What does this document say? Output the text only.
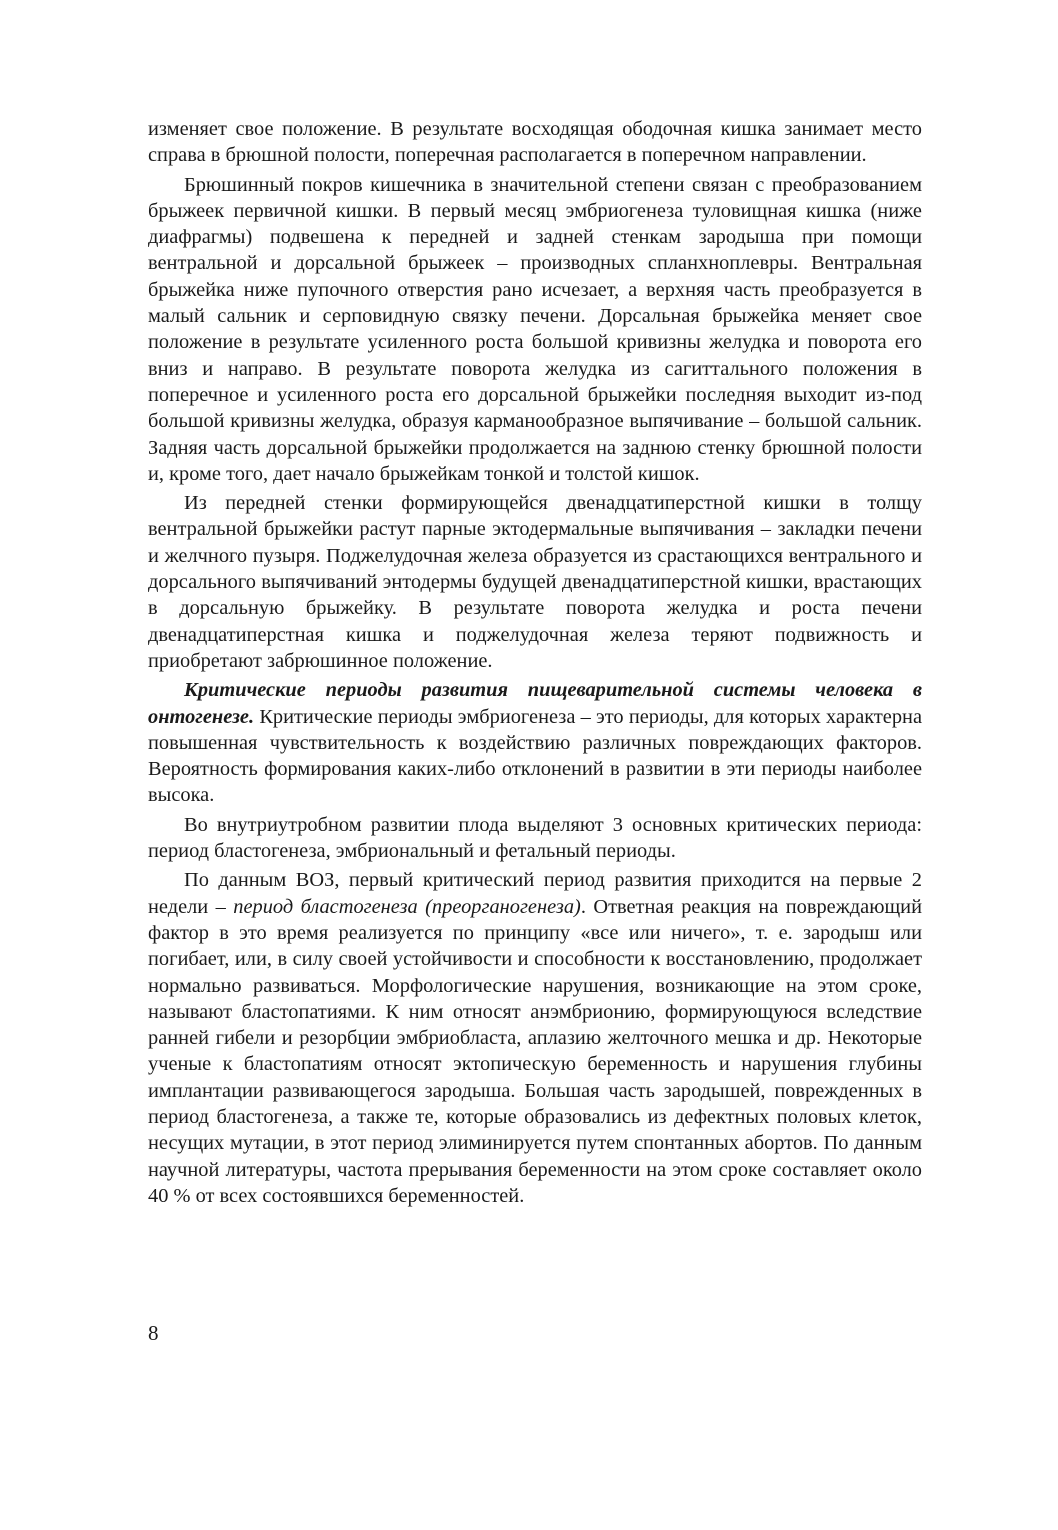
изменяет свое положение. В результате восходящая ободочная кишка занимает место справа в брюшной полости, поперечная располагается в поперечном направлении.

Брюшинный покров кишечника в значительной степени связан с преобразованием брыжеек первичной кишки. В первый месяц эмбриогенеза туловищная кишка (ниже диафрагмы) подвешена к передней и задней стенкам зародыша при помощи вентральной и дорсальной брыжеек – производных спланхноплевры. Вентральная брыжейка ниже пупочного отверстия рано исчезает, а верхняя часть преобразуется в малый сальник и серповидную связку печени. Дорсальная брыжейка меняет свое положение в результате усиленного роста большой кривизны желудка и поворота его вниз и направо. В результате поворота желудка из сагиттального положения в поперечное и усиленного роста его дорсальной брыжейки последняя выходит из-под большой кривизны желудка, образуя карманообразное выпячивание – большой сальник. Задняя часть дорсальной брыжейки продолжается на заднюю стенку брюшной полости и, кроме того, дает начало брыжейкам тонкой и толстой кишок.

Из передней стенки формирующейся двенадцатиперстной кишки в толщу вентральной брыжейки растут парные эктодермальные выпячивания – закладки печени и желчного пузыря. Поджелудочная железа образуется из срастающихся вентрального и дорсального выпячиваний энтодермы будущей двенадцатиперстной кишки, врастающих в дорсальную брыжейку. В результате поворота желудка и роста печени двенадцатиперстная кишка и поджелудочная железа теряют подвижность и приобретают забрюшинное положение.

Критические периоды развития пищеварительной системы человека в онтогенезе. Критические периоды эмбриогенеза – это периоды, для которых характерна повышенная чувствительность к воздействию различных повреждающих факторов. Вероятность формирования каких-либо отклонений в развитии в эти периоды наиболее высока.

Во внутриутробном развитии плода выделяют 3 основных критических периода: период бластогенеза, эмбриональный и фетальный периоды.

По данным ВОЗ, первый критический период развития приходится на первые 2 недели – период бластогенеза (преорганогенеза). Ответная реакция на повреждающий фактор в это время реализуется по принципу «все или ничего», т. е. зародыш или погибает, или, в силу своей устойчивости и способности к восстановлению, продолжает нормально развиваться. Морфологические нарушения, возникающие на этом сроке, называют бластопатиями. К ним относят анэмбрионию, формирующуюся вследствие ранней гибели и резорбции эмбриобласта, аплазию желточного мешка и др. Некоторые ученые к бластопатиям относят эктопическую беременность и нарушения глубины имплантации развивающегося зародыша. Большая часть зародышей, поврежденных в период бластогенеза, а также те, которые образовались из дефектных половых клеток, несущих мутации, в этот период элиминируется путем спонтанных абортов. По данным научной литературы, частота прерывания беременности на этом сроке составляет около 40 % от всех состоявшихся беременностей.

8
